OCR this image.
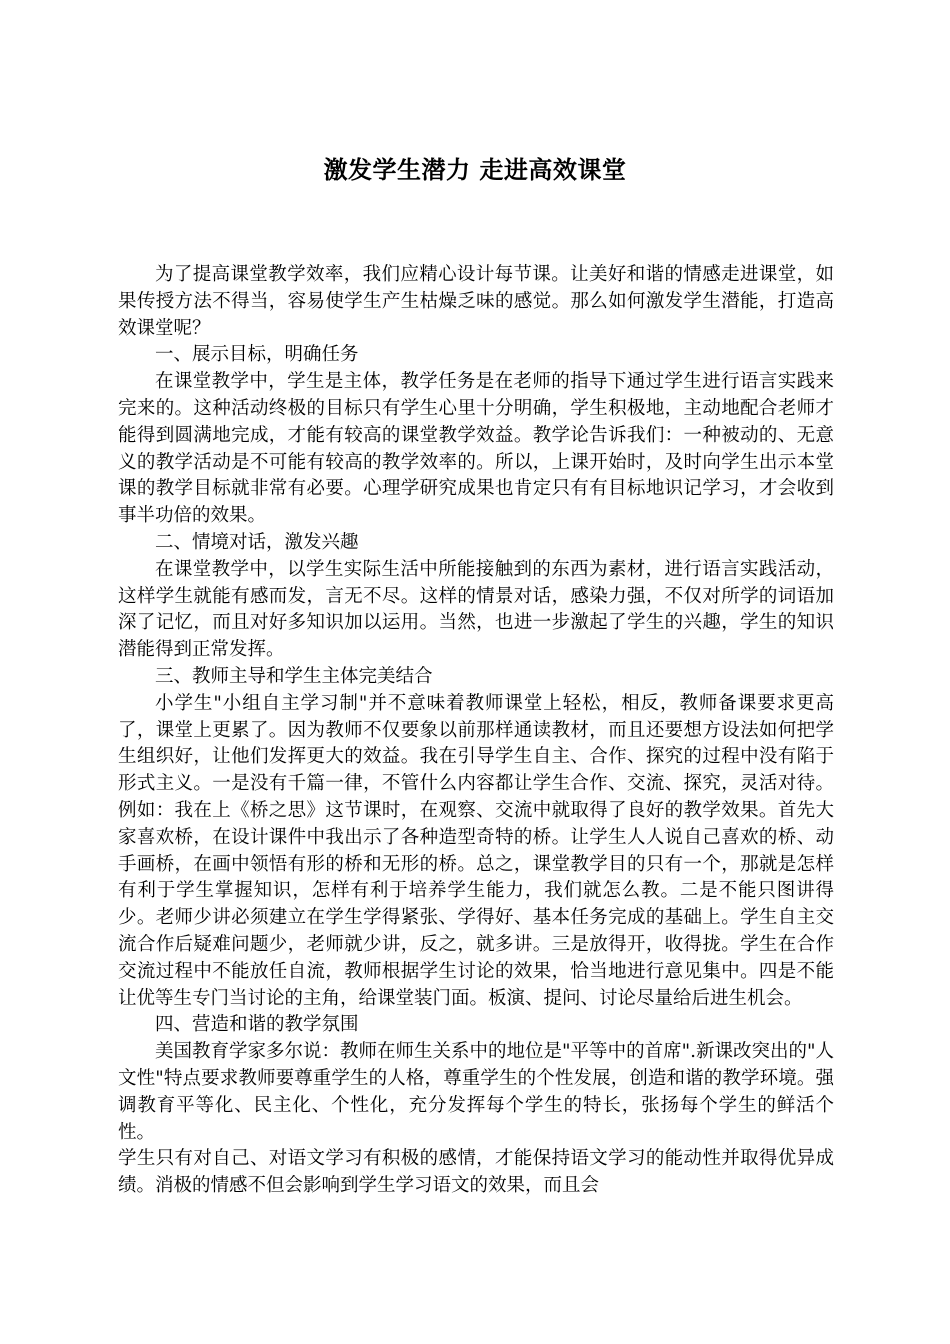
激发学生潜力 走进高效课堂

为了提高课堂教学效率，我们应精心设计每节课。让美好和谐的情感走进课堂，如果传授方法不得当，容易使学生产生枯燥乏味的感觉。那么如何激发学生潜能，打造高效课堂呢？

一、展示目标，明确任务

在课堂教学中，学生是主体，教学任务是在老师的指导下通过学生进行语言实践来完来的。这种活动终极的目标只有学生心里十分明确，学生积极地，主动地配合老师才能得到圆满地完成，才能有较高的课堂教学效益。教学论告诉我们：一种被动的、无意义的教学活动是不可能有较高的教学效率的。所以，上课开始时，及时向学生出示本堂课的教学目标就非常有必要。心理学研究成果也肯定只有有目标地识记学习，才会收到事半功倍的效果。

二、情境对话，激发兴趣

在课堂教学中，以学生实际生活中所能接触到的东西为素材，进行语言实践活动，这样学生就能有感而发，言无不尽。这样的情景对话，感染力强，不仅对所学的词语加深了记忆，而且对好多知识加以运用。当然，也进一步激起了学生的兴趣，学生的知识潜能得到正常发挥。

三、教师主导和学生主体完美结合

小学生"小组自主学习制"并不意味着教师课堂上轻松，相反，教师备课要求更高了，课堂上更累了。因为教师不仅要象以前那样通读教材，而且还要想方设法如何把学生组织好，让他们发挥更大的效益。我在引导学生自主、合作、探究的过程中没有陷于形式主义。一是没有千篇一律，不管什么内容都让学生合作、交流、探究，灵活对待。例如：我在上《桥之思》这节课时，在观察、交流中就取得了良好的教学效果。首先大家喜欢桥，在设计课件中我出示了各种造型奇特的桥。让学生人人说自己喜欢的桥、动手画桥，在画中领悟有形的桥和无形的桥。总之，课堂教学目的只有一个，那就是怎样有利于学生掌握知识，怎样有利于培养学生能力，我们就怎么教。二是不能只图讲得少。老师少讲必须建立在学生学得紧张、学得好、基本任务完成的基础上。学生自主交流合作后疑难问题少，老师就少讲，反之，就多讲。三是放得开，收得拢。学生在合作交流过程中不能放任自流，教师根据学生讨论的效果，恰当地进行意见集中。四是不能让优等生专门当讨论的主角，给课堂装门面。板演、提问、讨论尽量给后进生机会。

四、营造和谐的教学氛围

美国教育学家多尔说：教师在师生关系中的地位是"平等中的首席".新课改突出的"人文性"特点要求教师要尊重学生的人格，尊重学生的个性发展，创造和谐的教学环境。强调教育平等化、民主化、个性化，充分发挥每个学生的特长，张扬每个学生的鲜活个性。

学生只有对自己、对语文学习有积极的感情，才能保持语文学习的能动性并取得优异成绩。消极的情感不但会影响到学生学习语文的效果，而且会
